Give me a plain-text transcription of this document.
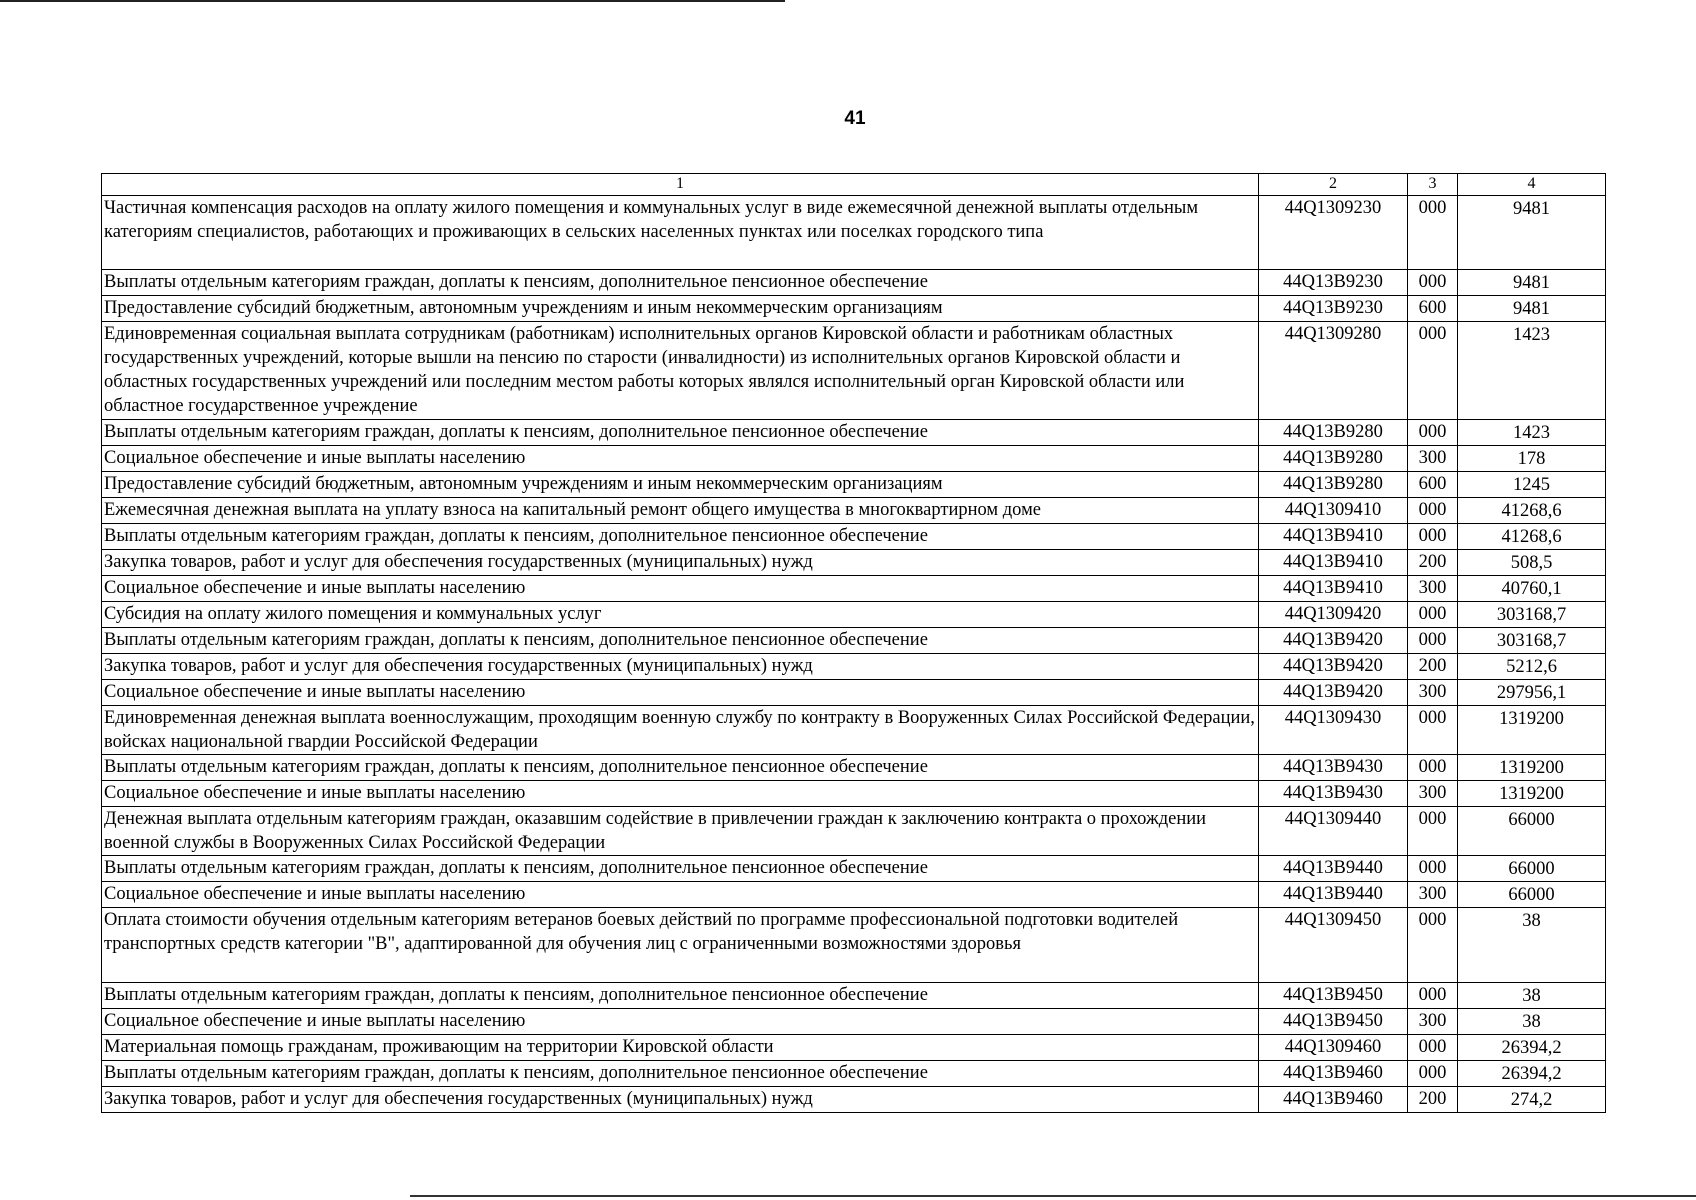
41
1	2	3	4
Частичная компенсация расходов на оплату жилого помещения и коммунальных услуг в виде ежемесячной денежной выплаты отдельным категориям специалистов, работающих и проживающих в сельских населенных пунктах или поселках городского типа	44Q1309230	000	9481
Выплаты отдельным категориям граждан, доплаты к пенсиям, дополнительное пенсионное обеспечение	44Q13B9230	000	9481
Предоставление субсидий бюджетным, автономным учреждениям и иным некоммерческим организациям	44Q13B9230	600	9481
Единовременная социальная выплата сотрудникам (работникам) исполнительных органов Кировской области и работникам областных государственных учреждений, которые вышли на пенсию по старости (инвалидности) из исполнительных органов Кировской области и областных государственных учреждений или последним местом работы которых являлся исполнительный орган Кировской области или областное государственное учреждение	44Q1309280	000	1423
Выплаты отдельным категориям граждан, доплаты к пенсиям, дополнительное пенсионное обеспечение	44Q13B9280	000	1423
Социальное обеспечение и иные выплаты населению	44Q13B9280	300	178
Предоставление субсидий бюджетным, автономным учреждениям и иным некоммерческим организациям	44Q13B9280	600	1245
Ежемесячная денежная выплата на уплату взноса на капитальный ремонт общего имущества в многоквартирном доме	44Q1309410	000	41268,6
Выплаты отдельным категориям граждан, доплаты к пенсиям, дополнительное пенсионное обеспечение	44Q13B9410	000	41268,6
Закупка товаров, работ и услуг для обеспечения государственных (муниципальных) нужд	44Q13B9410	200	508,5
Социальное обеспечение и иные выплаты населению	44Q13B9410	300	40760,1
Субсидия на оплату жилого помещения и коммунальных услуг	44Q1309420	000	303168,7
Выплаты отдельным категориям граждан, доплаты к пенсиям, дополнительное пенсионное обеспечение	44Q13B9420	000	303168,7
Закупка товаров, работ и услуг для обеспечения государственных (муниципальных) нужд	44Q13B9420	200	5212,6
Социальное обеспечение и иные выплаты населению	44Q13B9420	300	297956,1
Единовременная денежная выплата военнослужащим, проходящим военную службу по контракту в Вооруженных Силах Российской Федерации, войсках национальной гвардии Российской Федерации	44Q1309430	000	1319200
Выплаты отдельным категориям граждан, доплаты к пенсиям, дополнительное пенсионное обеспечение	44Q13B9430	000	1319200
Социальное обеспечение и иные выплаты населению	44Q13B9430	300	1319200
Денежная выплата отдельным категориям граждан, оказавшим содействие в привлечении граждан к заключению контракта о прохождении военной службы в Вооруженных Силах Российской Федерации	44Q1309440	000	66000
Выплаты отдельным категориям граждан, доплаты к пенсиям, дополнительное пенсионное обеспечение	44Q13B9440	000	66000
Социальное обеспечение и иные выплаты населению	44Q13B9440	300	66000
Оплата стоимости обучения отдельным категориям ветеранов боевых действий по программе профессиональной подготовки водителей транспортных средств категории "B", адаптированной для обучения лиц с ограниченными возможностями здоровья	44Q1309450	000	38
Выплаты отдельным категориям граждан, доплаты к пенсиям, дополнительное пенсионное обеспечение	44Q13B9450	000	38
Социальное обеспечение и иные выплаты населению	44Q13B9450	300	38
Материальная помощь гражданам, проживающим на территории Кировской области	44Q1309460	000	26394,2
Выплаты отдельным категориям граждан, доплаты к пенсиям, дополнительное пенсионное обеспечение	44Q13B9460	000	26394,2
Закупка товаров, работ и услуг для обеспечения государственных (муниципальных) нужд	44Q13B9460	200	274,2
